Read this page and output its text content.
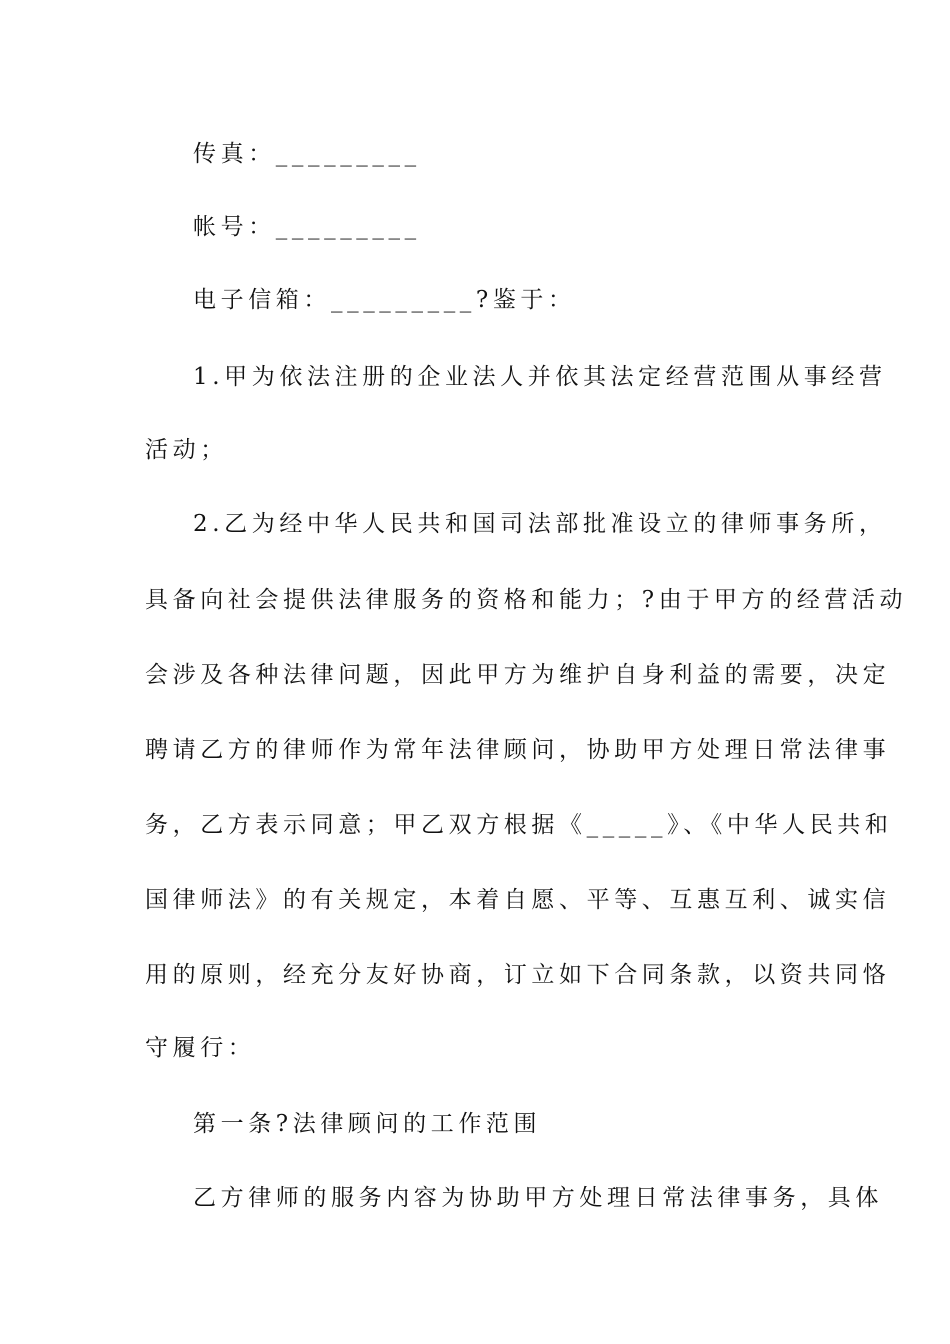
传真：_________
帐号：_________
电子信箱：_________?鉴于：
1.甲为依法注册的企业法人并依其法定经营范围从事经营
活动；
2.乙为经中华人民共和国司法部批准设立的律师事务所，
具备向社会提供法律服务的资格和能力；?由于甲方的经营活动
会涉及各种法律问题，因此甲方为维护自身利益的需要，决定
聘请乙方的律师作为常年法律顾问，协助甲方处理日常法律事
务，乙方表示同意；甲乙双方根据《_____》、《中华人民共和
国律师法》的有关规定，本着自愿、平等、互惠互利、诚实信
用的原则，经充分友好协商，订立如下合同条款，以资共同恪
守履行：
第一条?法律顾问的工作范围
乙方律师的服务内容为协助甲方处理日常法律事务，具体
